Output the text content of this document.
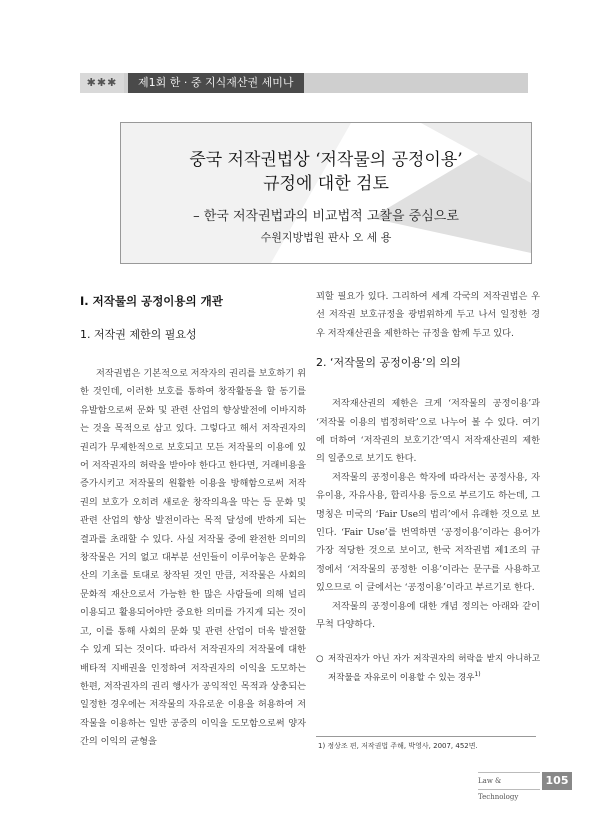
✱✱✱	제1회 한 · 중 지식재산권 세미나
중국 저작권법상 ‘저작물의 공정이용’
규정에 대한 검토
– 한국 저작권법과의 비교법적 고찰을 중심으로
수원지방법원 판사 오 세 용
I. 저작물의 공정이용의 개관
1. 저작권 제한의 필요성

저작권법은 기본적으로 저작자의 권리를 보호하기 위한 것인데, 이러한 보호를 통하여 창작활동을 할 동기를 유발함으로써 문화 및 관련 산업의 향상발전에 이바지하는 것을 목적으로 삼고 있다. 그렇다고 해서 저작권자의 권리가 무제한적으로 보호되고 모든 저작물의 이용에 있어 저작권자의 허락을 받아야 한다고 한다면, 거래비용을 증가시키고 저작물의 원활한 이용을 방해함으로써 저작권의 보호가 오히려 새로운 창작의욕을 막는 등 문화 및 관련 산업의 향상 발전이라는 목적 달성에 반하게 되는 결과를 초래할 수 있다. 사실 저작물 중에 완전한 의미의 창작물은 거의 없고 대부분 선인들이 이루어놓은 문화유산의 기초를 토대로 창작된 것인 만큼, 저작물은 사회의 문화적 재산으로서 가능한 한 많은 사람들에 의해 널리 이용되고 활용되어야만 중요한 의미를 가지게 되는 것이고, 이를 통해 사회의 문화 및 관련 산업이 더욱 발전할 수 있게 되는 것이다. 따라서 저작권자의 저작물에 대한 배타적 지배권을 인정하여 저작권자의 이익을 도모하는 한편, 저작권자의 권리 행사가 공익적인 목적과 상충되는 일정한 경우에는 저작물의 자유로운 이용을 허용하여 저작물을 이용하는 일반 공중의 이익을 도모함으로써 양자 간의 이익의 균형을

꾀할 필요가 있다. 그리하여 세계 각국의 저작권법은 우선 저작권 보호규정을 광범위하게 두고 나서 일정한 경우 저작재산권을 제한하는 규정을 함께 두고 있다.

2. ‘저작물의 공정이용’의 의의

저작재산권의 제한은 크게 ‘저작물의 공정이용’과 ‘저작물 이용의 법정허락’으로 나누어 볼 수 있다. 여기에 더하여 ‘저작권의 보호기간’역시 저작재산권의 제한의 일종으로 보기도 한다.

저작물의 공정이용은 학자에 따라서는 공정사용, 자유이용, 자유사용, 합리사용 등으로 부르기도 하는데, 그 명칭은 미국의 ‘Fair Use의 법리’에서 유래한 것으로 보인다. ‘Fair Use’를 번역하면 ‘공정이용’이라는 용어가 가장 적당한 것으로 보이고, 한국 저작권법 제1조의 규정에서 ‘저작물의 공정한 이용’이라는 문구를 사용하고 있으므로 이 글에서는 ‘공정이용’이라고 부르기로 한다.

저작물의 공정이용에 대한 개념 정의는 아래와 같이 무척 다양하다.

○ 저작권자가 아닌 자가 저작권자의 허락을 받지 아니하고 저작물을 자유로이 이용할 수 있는 경우$^{1)}$
1) 정상조 편, 저작권법 주해, 박영사, 2007, 452면.
Law & Technology
105
